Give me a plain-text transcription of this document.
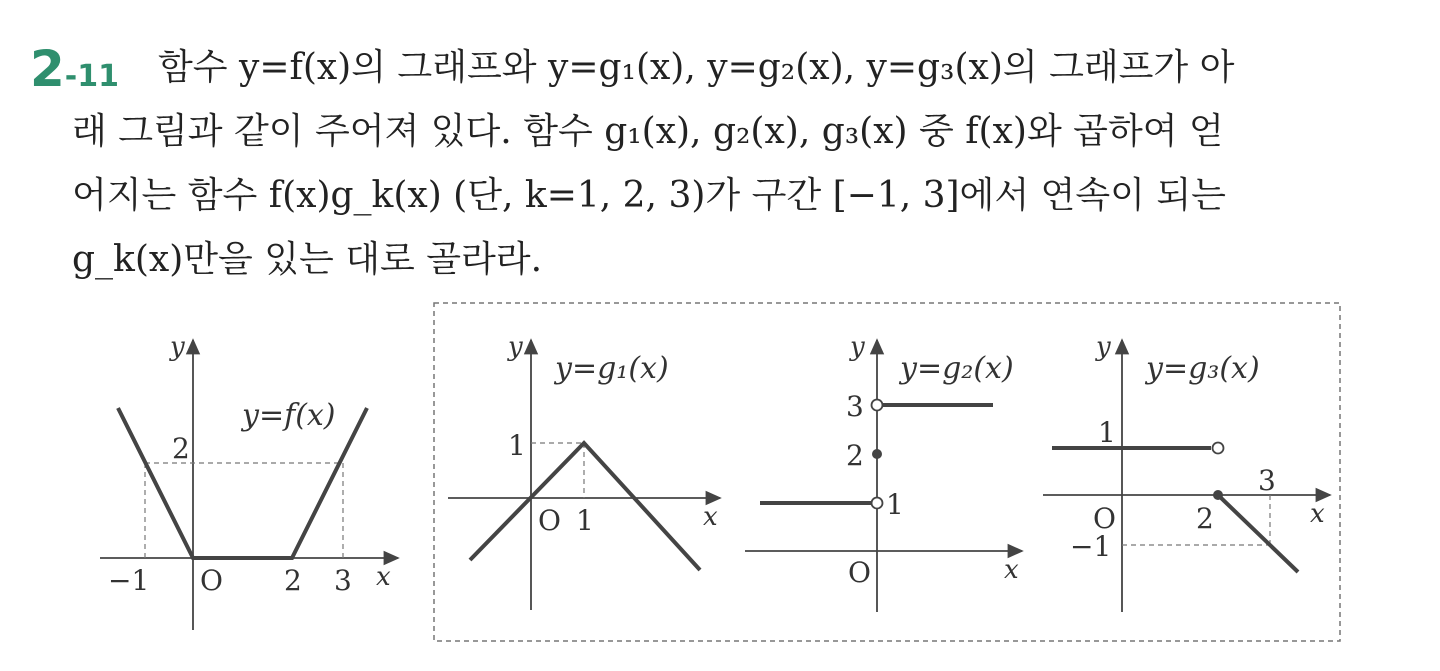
2-11 함수 y=f(x)의 그래프와 y=g₁(x), y=g₂(x), y=g₃(x)의 그래프가 아
래 그림과 같이 주어져 있다. 함수 g₁(x), g₂(x), g₃(x) 중 f(x)와 곱하여 얻
어지는 함수 f(x)g_k(x) (단, k=1, 2, 3)가 구간 [−1, 3]에서 연속이 되는
g_k(x)만을 있는 대로 골라라.
y=f(x)
y
x
O
−1	2 3
2
y=g₁(x)
y
x
O 1
1
y=g₂(x)
y
x
O
3
2
1
y=g₃(x)
y
x
O
1
2
3
−1
